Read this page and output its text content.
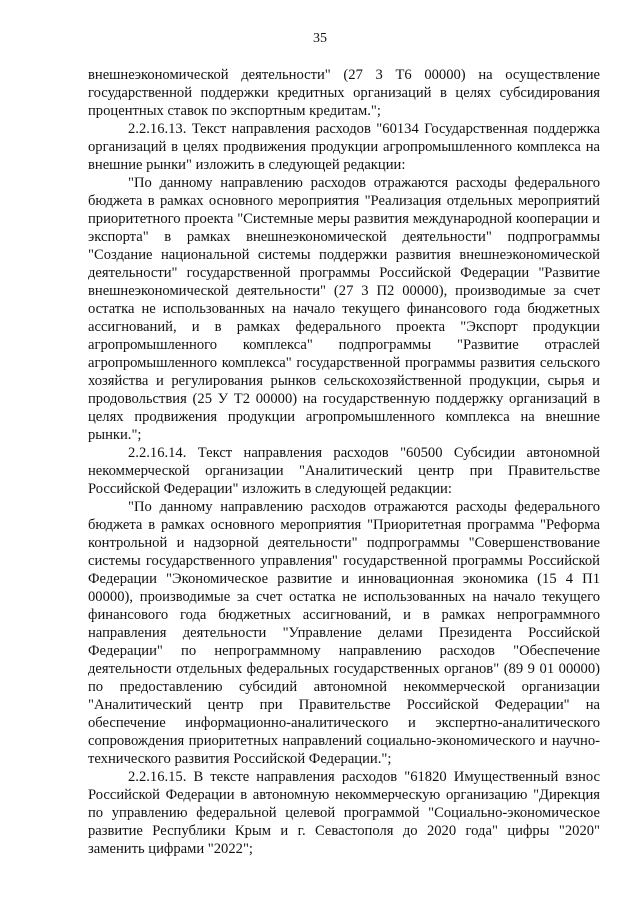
35

внешнеэкономической деятельности" (27 3 Т6 00000) на осуществление государственной поддержки кредитных организаций в целях субсидирования процентных ставок по экспортным кредитам.";

2.2.16.13. Текст направления расходов "60134 Государственная поддержка организаций в целях продвижения продукции агропромышленного комплекса на внешние рынки" изложить в следующей редакции:

"По данному направлению расходов отражаются расходы федерального бюджета в рамках основного мероприятия "Реализация отдельных мероприятий приоритетного проекта "Системные меры развития международной кооперации и экспорта" в рамках внешнеэкономической деятельности" подпрограммы "Создание национальной системы поддержки развития внешнеэкономической деятельности" государственной программы Российской Федерации "Развитие внешнеэкономической деятельности" (27 3 П2 00000), производимые за счет остатка не использованных на начало текущего финансового года бюджетных ассигнований, и в рамках федерального проекта "Экспорт продукции агропромышленного комплекса" подпрограммы "Развитие отраслей агропромышленного комплекса" государственной программы развития сельского хозяйства и регулирования рынков сельскохозяйственной продукции, сырья и продовольствия (25 У Т2 00000) на государственную поддержку организаций в целях продвижения продукции агропромышленного комплекса на внешние рынки.";

2.2.16.14. Текст направления расходов "60500 Субсидии автономной некоммерческой организации "Аналитический центр при Правительстве Российской Федерации" изложить в следующей редакции:

"По данному направлению расходов отражаются расходы федерального бюджета в рамках основного мероприятия "Приоритетная программа "Реформа контрольной и надзорной деятельности" подпрограммы "Совершенствование системы государственного управления" государственной программы Российской Федерации "Экономическое развитие и инновационная экономика (15 4 П1 00000), производимые за счет остатка не использованных на начало текущего финансового года бюджетных ассигнований, и в рамках непрограммного направления деятельности "Управление делами Президента Российской Федерации" по непрограммному направлению расходов "Обеспечение деятельности отдельных федеральных государственных органов" (89 9 01 00000) по предоставлению субсидий автономной некоммерческой организации "Аналитический центр при Правительстве Российской Федерации" на обеспечение информационно-аналитического и экспертно-аналитического сопровождения приоритетных направлений социально-экономического и научно-технического развития Российской Федерации.";

2.2.16.15. В тексте направления расходов "61820 Имущественный взнос Российской Федерации в автономную некоммерческую организацию "Дирекция по управлению федеральной целевой программой "Социально-экономическое развитие Республики Крым и г. Севастополя до 2020 года" цифры "2020" заменить цифрами "2022";
